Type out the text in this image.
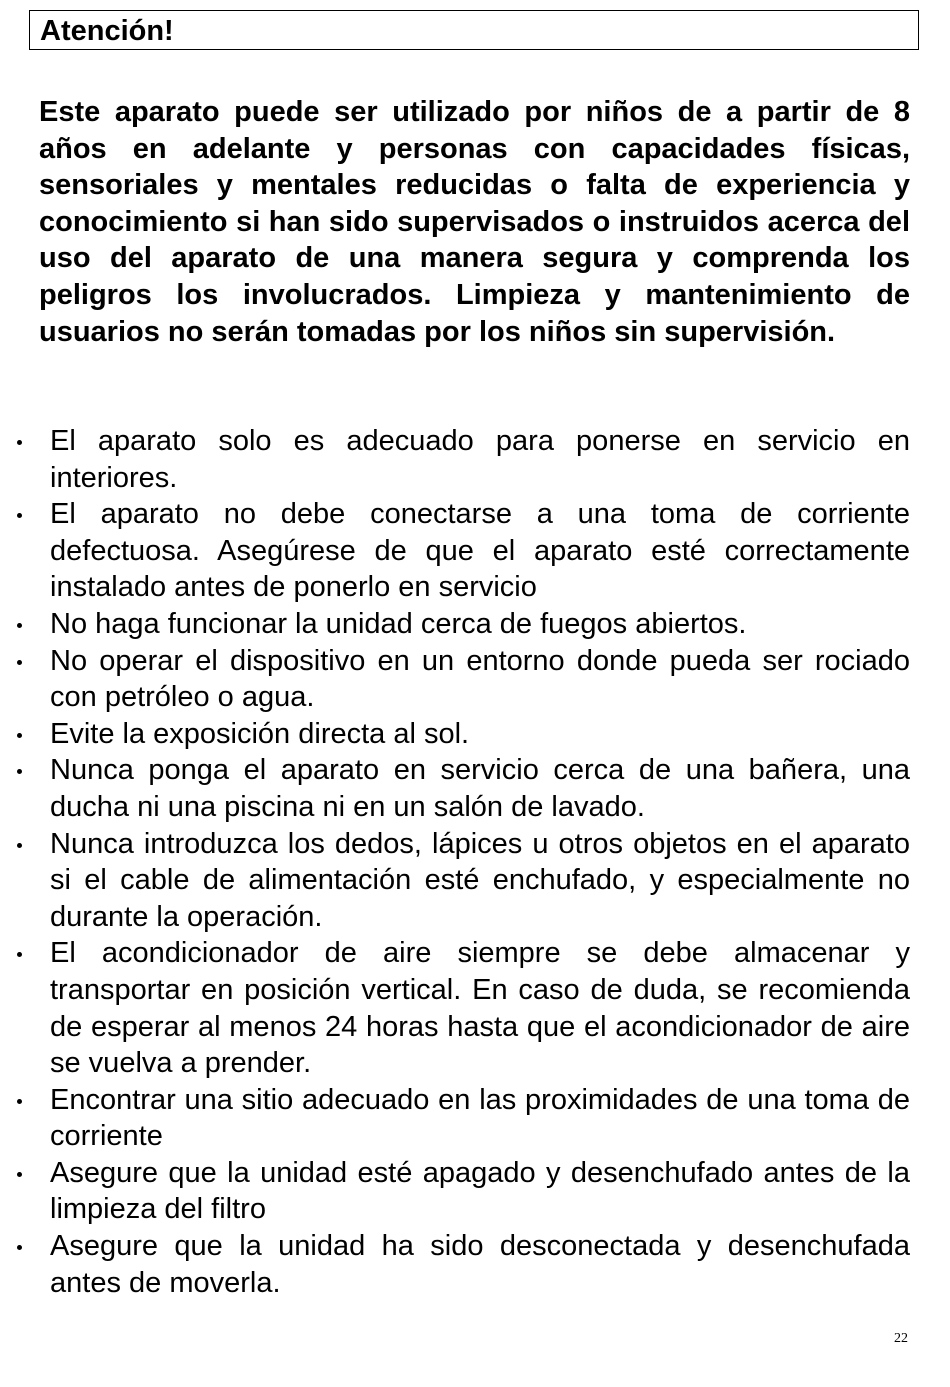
Atención!

Este aparato puede ser utilizado por niños de a partir de 8 años en adelante y personas con capacidades físicas, sensoriales y mentales reducidas o falta de experiencia y conocimiento si han sido supervisados o instruidos acerca del uso del aparato de una manera segura y comprenda los peligros los involucrados. Limpieza y mantenimiento de usuarios no serán tomadas por los niños sin supervisión.

El aparato solo es adecuado para ponerse en servicio en interiores.
El aparato no debe conectarse a una toma de corriente defectuosa. Asegúrese de que el aparato esté correctamente instalado antes de ponerlo en servicio
No haga funcionar la unidad cerca de fuegos abiertos.
No operar el dispositivo en un entorno donde pueda ser rociado con petróleo o agua.
Evite la exposición directa al sol.
Nunca ponga el aparato en servicio cerca de una bañera, una ducha ni una piscina ni en un salón de lavado.
Nunca introduzca los dedos, lápices u otros objetos en el aparato si el cable de alimentación esté enchufado, y especialmente no durante la operación.
El acondicionador de aire siempre se debe almacenar y transportar en posición vertical. En caso de duda, se recomienda de esperar al menos 24 horas hasta que el acondicionador de aire se vuelva a prender.
Encontrar una sitio adecuado en las proximidades de una toma de corriente
Asegure que la unidad esté apagado y desenchufado antes de la limpieza del filtro
Asegure que la unidad ha sido desconectada y desenchufada antes de moverla.
22
